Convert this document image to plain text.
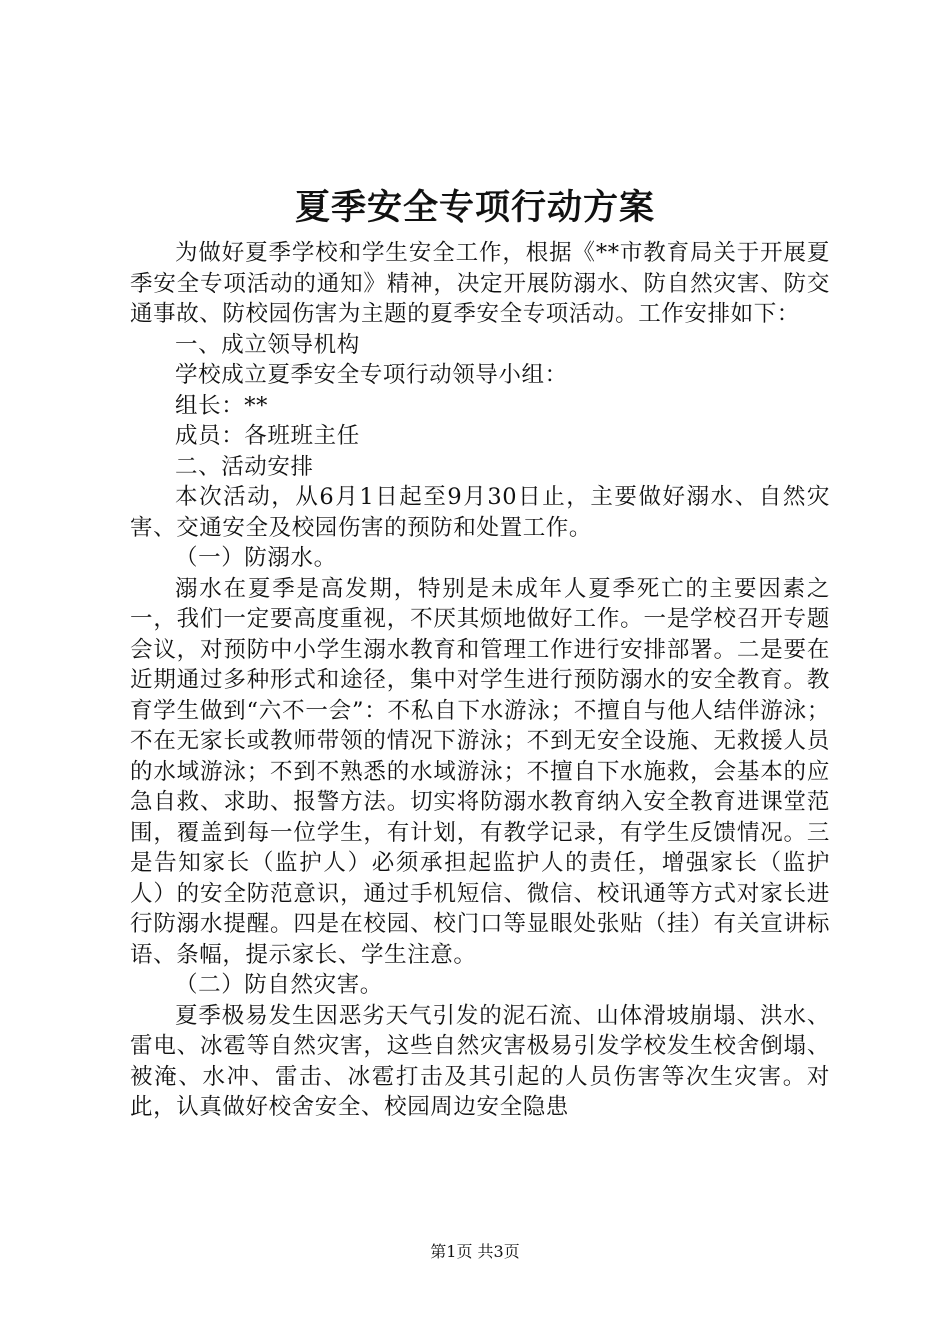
夏季安全专项行动方案

为做好夏季学校和学生安全工作，根据《**市教育局关于开展夏季安全专项活动的通知》精神，决定开展防溺水、防自然灾害、防交通事故、防校园伤害为主题的夏季安全专项活动。工作安排如下：

一、成立领导机构

学校成立夏季安全专项行动领导小组：

组长：**

成员：各班班主任

二、活动安排

本次活动，从6月1日起至9月30日止，主要做好溺水、自然灾害、交通安全及校园伤害的预防和处置工作。

（一）防溺水。

溺水在夏季是高发期，特别是未成年人夏季死亡的主要因素之一，我们一定要高度重视，不厌其烦地做好工作。一是学校召开专题会议，对预防中小学生溺水教育和管理工作进行安排部署。二是要在近期通过多种形式和途径，集中对学生进行预防溺水的安全教育。教育学生做到“六不一会”：不私自下水游泳；不擅自与他人结伴游泳；不在无家长或教师带领的情况下游泳；不到无安全设施、无救援人员的水域游泳；不到不熟悉的水域游泳；不擅自下水施救，会基本的应急自救、求助、报警方法。切实将防溺水教育纳入安全教育进课堂范围，覆盖到每一位学生，有计划，有教学记录，有学生反馈情况。三是告知家长（监护人）必须承担起监护人的责任，增强家长（监护人）的安全防范意识，通过手机短信、微信、校讯通等方式对家长进行防溺水提醒。四是在校园、校门口等显眼处张贴（挂）有关宣讲标语、条幅，提示家长、学生注意。

（二）防自然灾害。

夏季极易发生因恶劣天气引发的泥石流、山体滑坡崩塌、洪水、雷电、冰雹等自然灾害，这些自然灾害极易引发学校发生校舍倒塌、被淹、水冲、雷击、冰雹打击及其引起的人员伤害等次生灾害。对此，认真做好校舍安全、校园周边安全隐患

第1页 共3页
